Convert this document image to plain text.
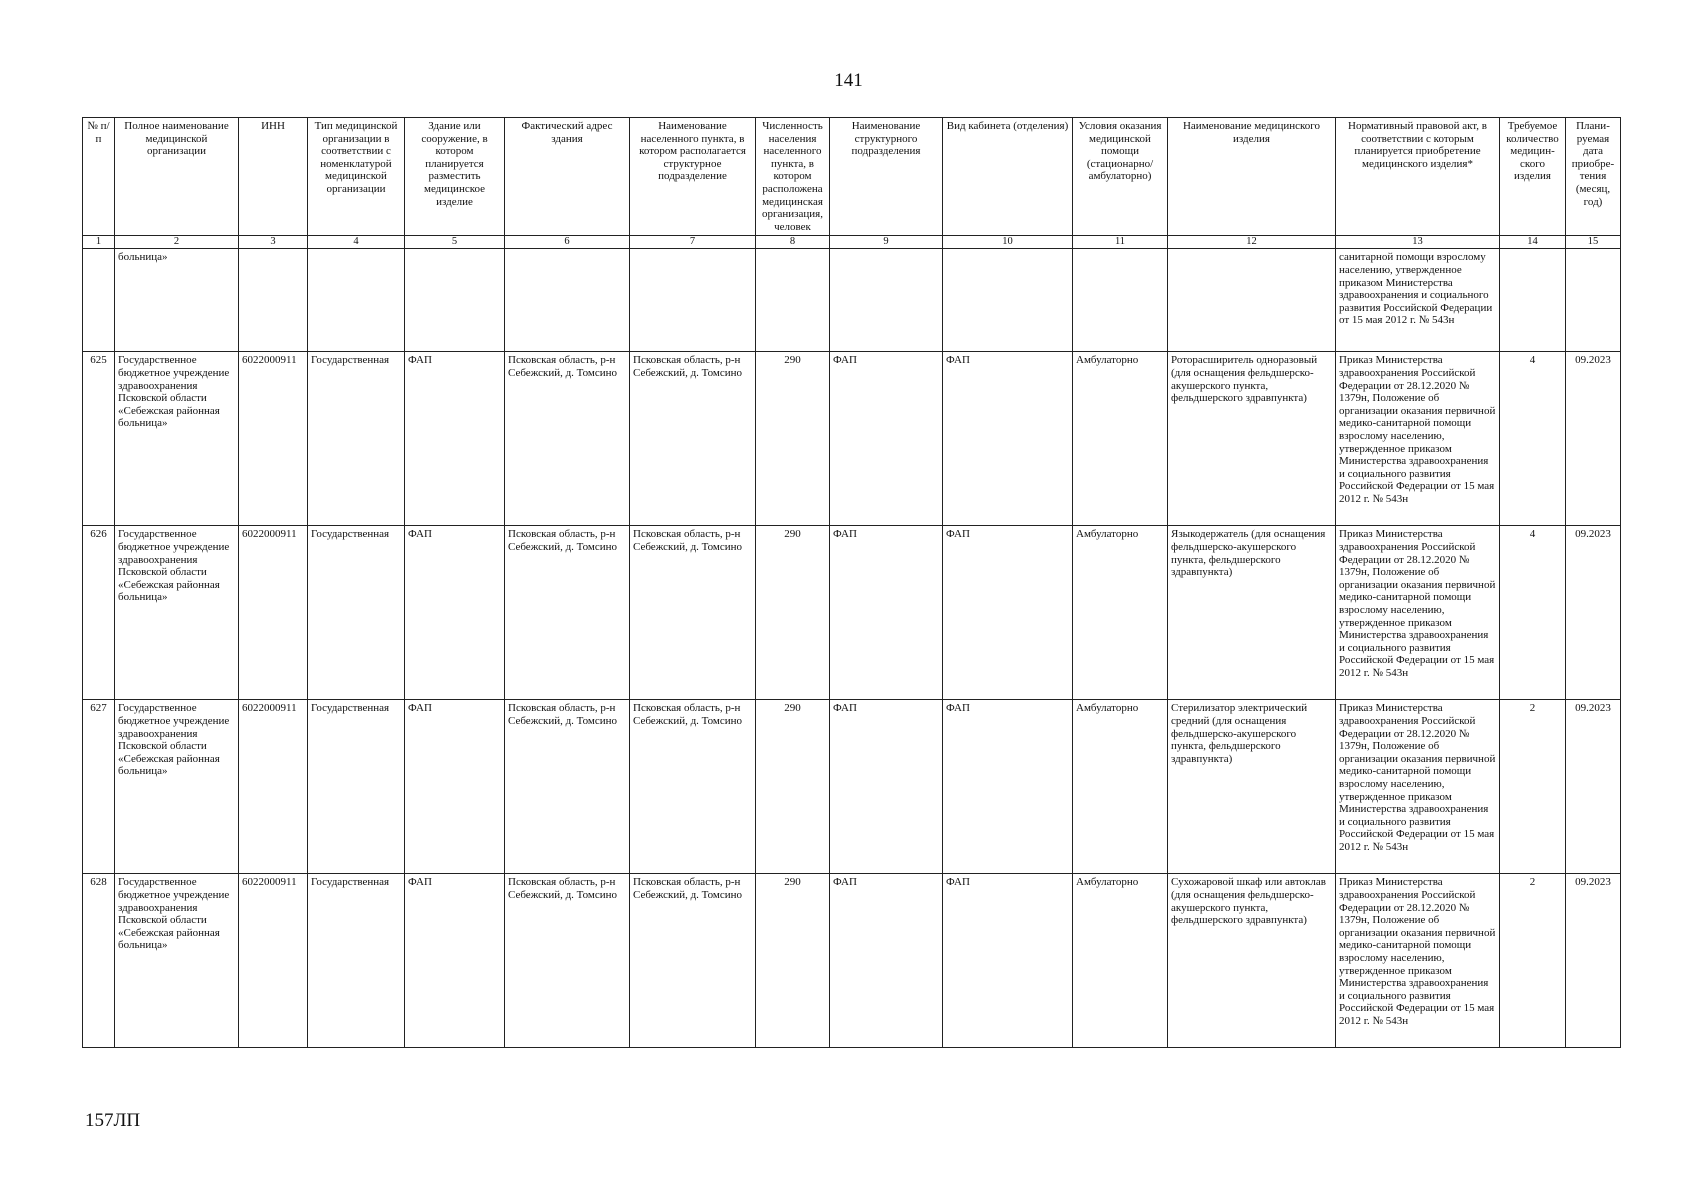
141
№ п/п	Полное наименование медицинской организации	ИНН	Тип медицинской организации в соответствии с номенклатурой медицинской организации	Здание или сооружение, в котором планируется разместить медицинское изделие	Фактический адрес здания	Наименование населенного пункта, в котором располагается структурное подразделение	Численность населения населенного пункта, в котором расположена медицинская организация, человек	Наименование структурного подразделения	Вид кабинета (отделения)	Условия оказания медицинской помощи (стационарно/ амбулаторно)	Наименование медицинского изделия	Нормативный правовой акт, в соответствии с которым планируется приобретение медицинского изделия*	Требуемое количество медицин-ского изделия	Плани-руемая дата приобре-тения (месяц, год)
1	2	3	4	5	6	7	8	9	10	11	12	13	14	15
	больница»											санитарной помощи взрослому населению, утвержденное приказом Министерства здравоохранения и социального развития Российской Федерации от 15 мая 2012 г. № 543н		
625	Государственное бюджетное учреждение здравоохранения Псковской области «Себежская районная больница»	6022000911	Государственная	ФАП	Псковская область, р-н Себежский, д. Томсино	Псковская область, р-н Себежский, д. Томсино	290	ФАП	ФАП	Амбулаторно	Роторасширитель одноразовый (для оснащения фельдшерско-акушерского пункта, фельдшерского здравпункта)	Приказ Министерства здравоохранения Российской Федерации от 28.12.2020 № 1379н, Положение об организации оказания первичной медико-санитарной помощи взрослому населению, утвержденное приказом Министерства здравоохранения и социального развития Российской Федерации от 15 мая 2012 г. № 543н	4	09.2023
626	Государственное бюджетное учреждение здравоохранения Псковской области «Себежская районная больница»	6022000911	Государственная	ФАП	Псковская область, р-н Себежский, д. Томсино	Псковская область, р-н Себежский, д. Томсино	290	ФАП	ФАП	Амбулаторно	Языкодержатель (для оснащения фельдшерско-акушерского пункта, фельдшерского здравпункта)	Приказ Министерства здравоохранения Российской Федерации от 28.12.2020 № 1379н, Положение об организации оказания первичной медико-санитарной помощи взрослому населению, утвержденное приказом Министерства здравоохранения и социального развития Российской Федерации от 15 мая 2012 г. № 543н	4	09.2023
627	Государственное бюджетное учреждение здравоохранения Псковской области «Себежская районная больница»	6022000911	Государственная	ФАП	Псковская область, р-н Себежский, д. Томсино	Псковская область, р-н Себежский, д. Томсино	290	ФАП	ФАП	Амбулаторно	Стерилизатор электрический средний (для оснащения фельдшерско-акушерского пункта, фельдшерского здравпункта)	Приказ Министерства здравоохранения Российской Федерации от 28.12.2020 № 1379н, Положение об организации оказания первичной медико-санитарной помощи взрослому населению, утвержденное приказом Министерства здравоохранения и социального развития Российской Федерации от 15 мая 2012 г. № 543н	2	09.2023
628	Государственное бюджетное учреждение здравоохранения Псковской области «Себежская районная больница»	6022000911	Государственная	ФАП	Псковская область, р-н Себежский, д. Томсино	Псковская область, р-н Себежский, д. Томсино	290	ФАП	ФАП	Амбулаторно	Сухожаровой шкаф или автоклав (для оснащения фельдшерско-акушерского пункта, фельдшерского здравпункта)	Приказ Министерства здравоохранения Российской Федерации от 28.12.2020 № 1379н, Положение об организации оказания первичной медико-санитарной помощи взрослому населению, утвержденное приказом Министерства здравоохранения и социального развития Российской Федерации от 15 мая 2012 г. № 543н	2	09.2023
157ЛП
